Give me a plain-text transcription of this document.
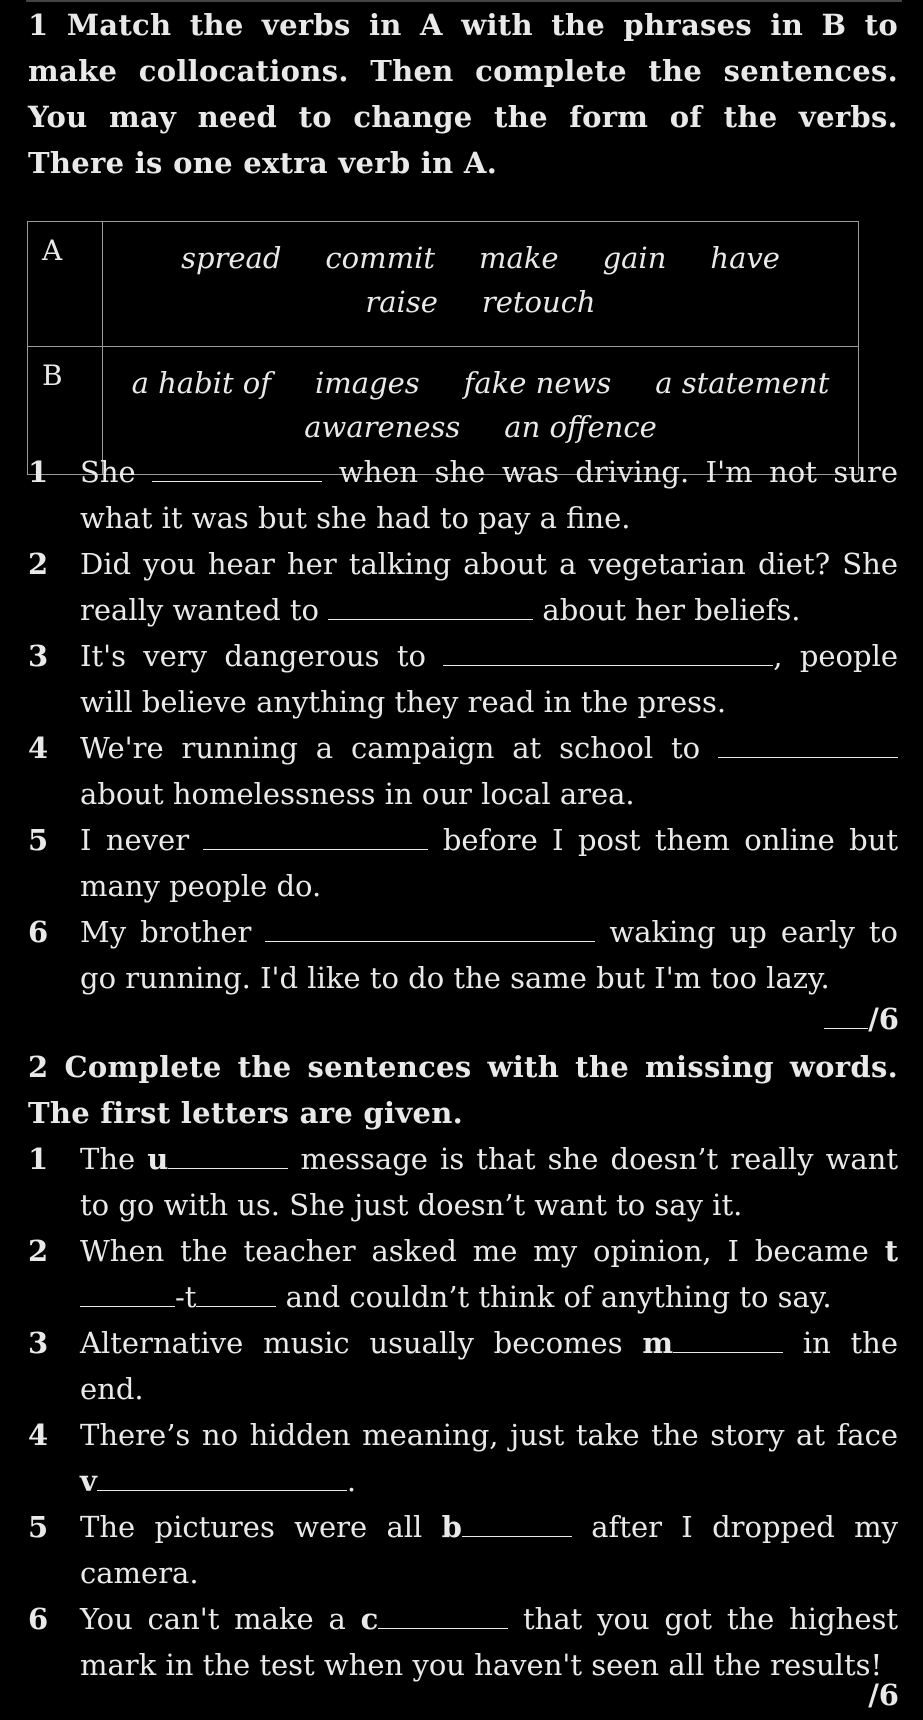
1 Match the verbs in A with the phrases in B to make collocations. Then complete the sentences. You may need to change the form of the verbs. There is one extra verb in A.
A	spread commit make gain have
raise retouch
B	a habit of images fake news a statement
awareness an offence
1	She	when she was driving. I'm not sure what it was but she had to pay a fine.
2	Did you hear her talking about a vegetarian diet? She really wanted to	about her beliefs.
3	It's very dangerous to	, people will believe anything they read in the press.
4	We're running a campaign at school to  about homelessness in our local area.
5	I never	before I post them online but many people do.
6	My brother	waking up early to go running. I'd like to do the same but I'm too lazy.
/6
2 Complete the sentences with the missing words. The first letters are given.
1	The u	message is that she doesn’t really want to go with us. She just doesn’t want to say it.
2	When the teacher asked me my opinion, I became t-t	and couldn’t think of anything to say.
3	Alternative music usually becomes m	in the end.
4	There’s no hidden meaning, just take the story at face v	.
5	The pictures were all b	after I dropped my camera.
6	You can't make a c	that you got the highest mark in the test when you haven't seen all the results!
/6
